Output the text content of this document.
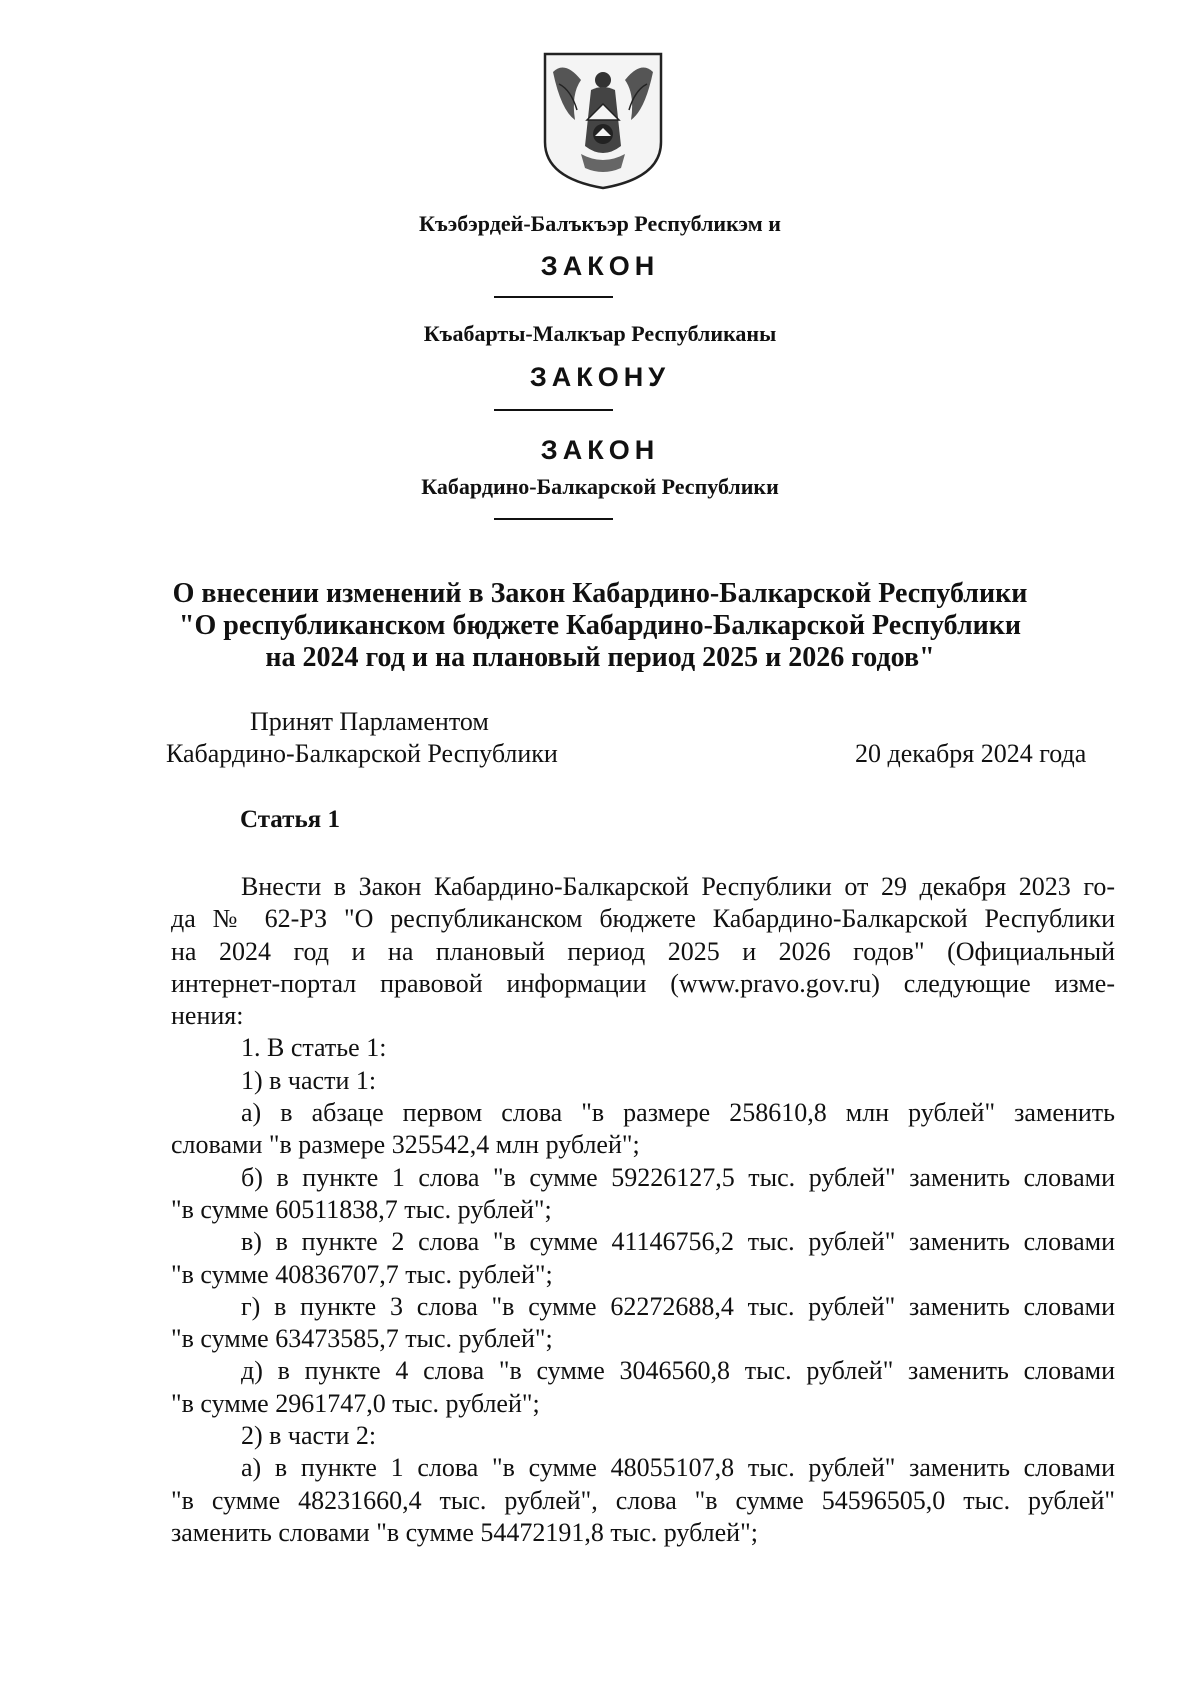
Къэбэрдей-Балъкъэр Республикэм и
ЗАКОН
Къабарты-Малкъар Республиканы
ЗАКОНУ
ЗАКОН
Кабардино-Балкарской Республики
О внесении изменений в Закон Кабардино-Балкарской Республики
"О республиканском бюджете Кабардино-Балкарской Республики
на 2024 год и на плановый период 2025 и 2026 годов"
Принят Парламентом
Кабардино-Балкарской Республики	20 декабря 2024 года
Статья 1
Внести в Закон Кабардино-Балкарской Республики от 29 декабря 2023 го-
да № 62-РЗ "О республиканском бюджете Кабардино-Балкарской Республики
на 2024 год и на плановый период 2025 и 2026 годов" (Официальный
интернет-портал правовой информации (www.pravo.gov.ru) следующие изме-
нения:
1. В статье 1:
1) в части 1:
а) в абзаце первом слова "в размере 258610,8 млн рублей" заменить
словами "в размере 325542,4 млн рублей";
б) в пункте 1 слова "в сумме 59226127,5 тыс. рублей" заменить словами
"в сумме 60511838,7 тыс. рублей";
в) в пункте 2 слова "в сумме 41146756,2 тыс. рублей" заменить словами
"в сумме 40836707,7 тыс. рублей";
г) в пункте 3 слова "в сумме 62272688,4 тыс. рублей" заменить словами
"в сумме 63473585,7 тыс. рублей";
д) в пункте 4 слова "в сумме 3046560,8 тыс. рублей" заменить словами
"в сумме 2961747,0 тыс. рублей";
2) в части 2:
а) в пункте 1 слова "в сумме 48055107,8 тыс. рублей" заменить словами
"в сумме 48231660,4 тыс. рублей", слова "в сумме 54596505,0 тыс. рублей"
заменить словами "в сумме 54472191,8 тыс. рублей";
